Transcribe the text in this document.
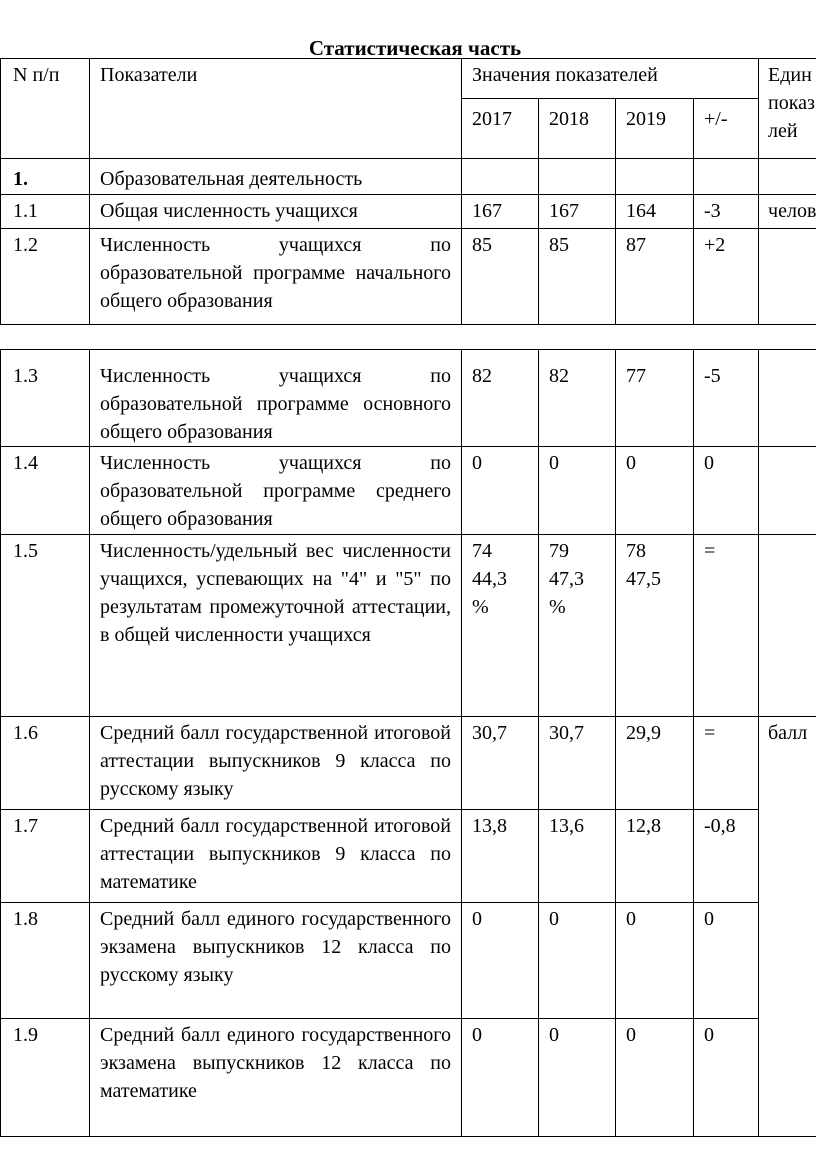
Статистическая часть
N п/п	Показатели	Значения показателей				Един
показ
лей
		2017	2018	2019	+/-	
1.	Образовательная деятельность					
1.1	Общая численность учащихся	167	167	164	-3	челов
1.2	Численность учащихся по образовательной программе начального общего образования	85	85	87	+2	
1.3	Численность учащихся по образовательной программе основного общего образования	82	82	77	-5	
1.4	Численность учащихся по образовательной программе среднего общего образования	0	0	0	0	
1.5	Численность/удельный вес численности учащихся, успевающих на "4" и "5" по результатам промежуточной аттестации, в общей численности учащихся	74 44,3 %	79 47,3 %	78 47,5	=	
1.6	Средний балл государственной итоговой аттестации выпускников 9 класса по русскому языку	30,7	30,7	29,9	=	балл
1.7	Средний балл государственной итоговой аттестации выпускников 9 класса по математике	13,8	13,6	12,8	-0,8	
1.8	Средний балл единого государственного экзамена выпускников 12 класса по русскому языку	0	0	0	0	
1.9	Средний балл единого государственного экзамена выпускников 12 класса по математике	0	0	0	0	
